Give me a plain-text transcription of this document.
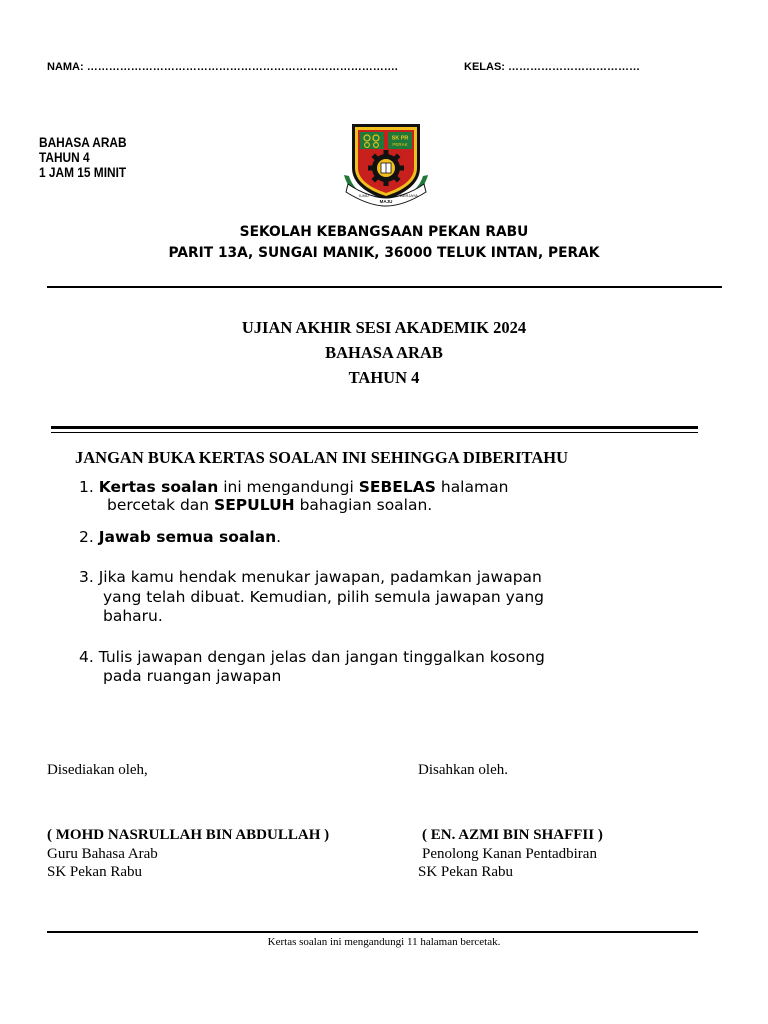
NAMA: ………………………………………………………………………….	KELAS: ………………………………
BAHASA ARAB
TAHUN 4
1 JAM 15 MINIT
SK PR
PERAK
ILMU
MAJU
BERJAYA
SEKOLAH KEBANGSAAN PEKAN RABU
PARIT 13A, SUNGAI MANIK, 36000 TELUK INTAN, PERAK
UJIAN AKHIR SESI AKADEMIK 2024
BAHASA ARAB
TAHUN 4
JANGAN BUKA KERTAS SOALAN INI SEHINGGA DIBERITAHU
1. Kertas soalan ini mengandungi SEBELAS halaman
bercetak dan SEPULUH bahagian soalan.
2. Jawab semua soalan.
3. Jika kamu hendak menukar jawapan, padamkan jawapan
yang telah dibuat. Kemudian, pilih semula jawapan yang
baharu.
4. Tulis jawapan dengan jelas dan jangan tinggalkan kosong
pada ruangan jawapan
Disediakan oleh,	Disahkan oleh.
( MOHD NASRULLAH BIN ABDULLAH )
Guru Bahasa Arab
SK Pekan Rabu
( EN. AZMI BIN SHAFFII )
Penolong Kanan Pentadbiran
SK Pekan Rabu
Kertas soalan ini mengandungi 11 halaman bercetak.
